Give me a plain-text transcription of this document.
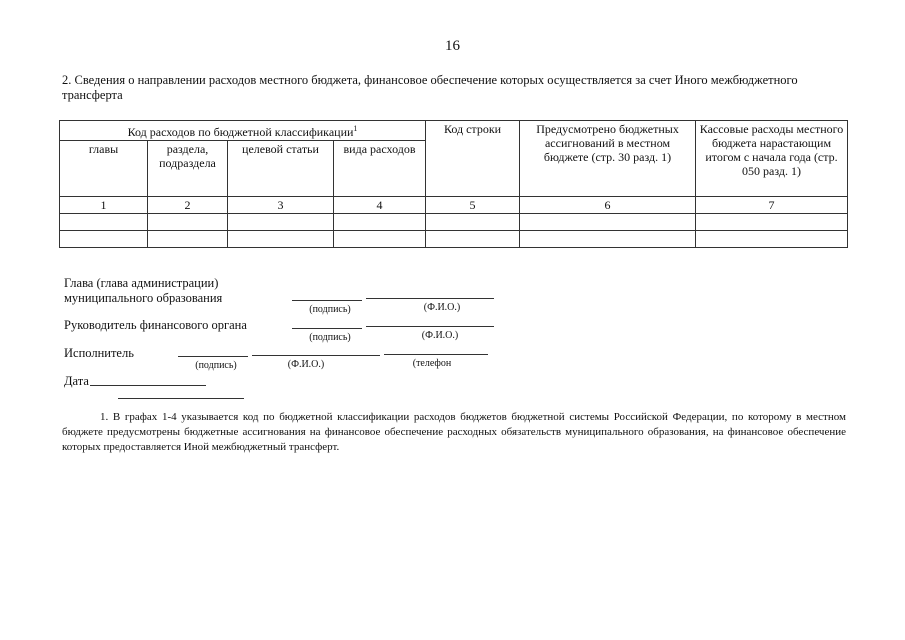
16
2. Сведения о направлении расходов местного бюджета, финансовое обеспечение которых осуществляется за счет Иного межбюджетного трансферта
Код расходов по бюджетной классификации$^1$				Код строки	Предусмотрено бюджетных ассигнований в местном бюджете (стр. 30 разд. 1)	Кассовые расходы местного бюджета нарастающим итогом с начала года (стр. 050 разд. 1)
главы	раздела, подраздела	целевой статьи	вида расходов			
1	2	3	4	5	6	7

Глава (глава администрации) муниципального образования
(подпись)	(Ф.И.О.)
Руководитель финансового органа
(подпись)	(Ф.И.О.)
Исполнитель
(подпись)	(Ф.И.О.)	(телефон
Дата
1. В графах 1-4 указывается код по бюджетной классификации расходов бюджетов бюджетной системы Российской Федерации, по которому в местном бюджете предусмотрены бюджетные ассигнования на финансовое обеспечение расходных обязательств муниципального образования, на финансовое обеспечение которых предоставляется Иной межбюджетный трансферт.
